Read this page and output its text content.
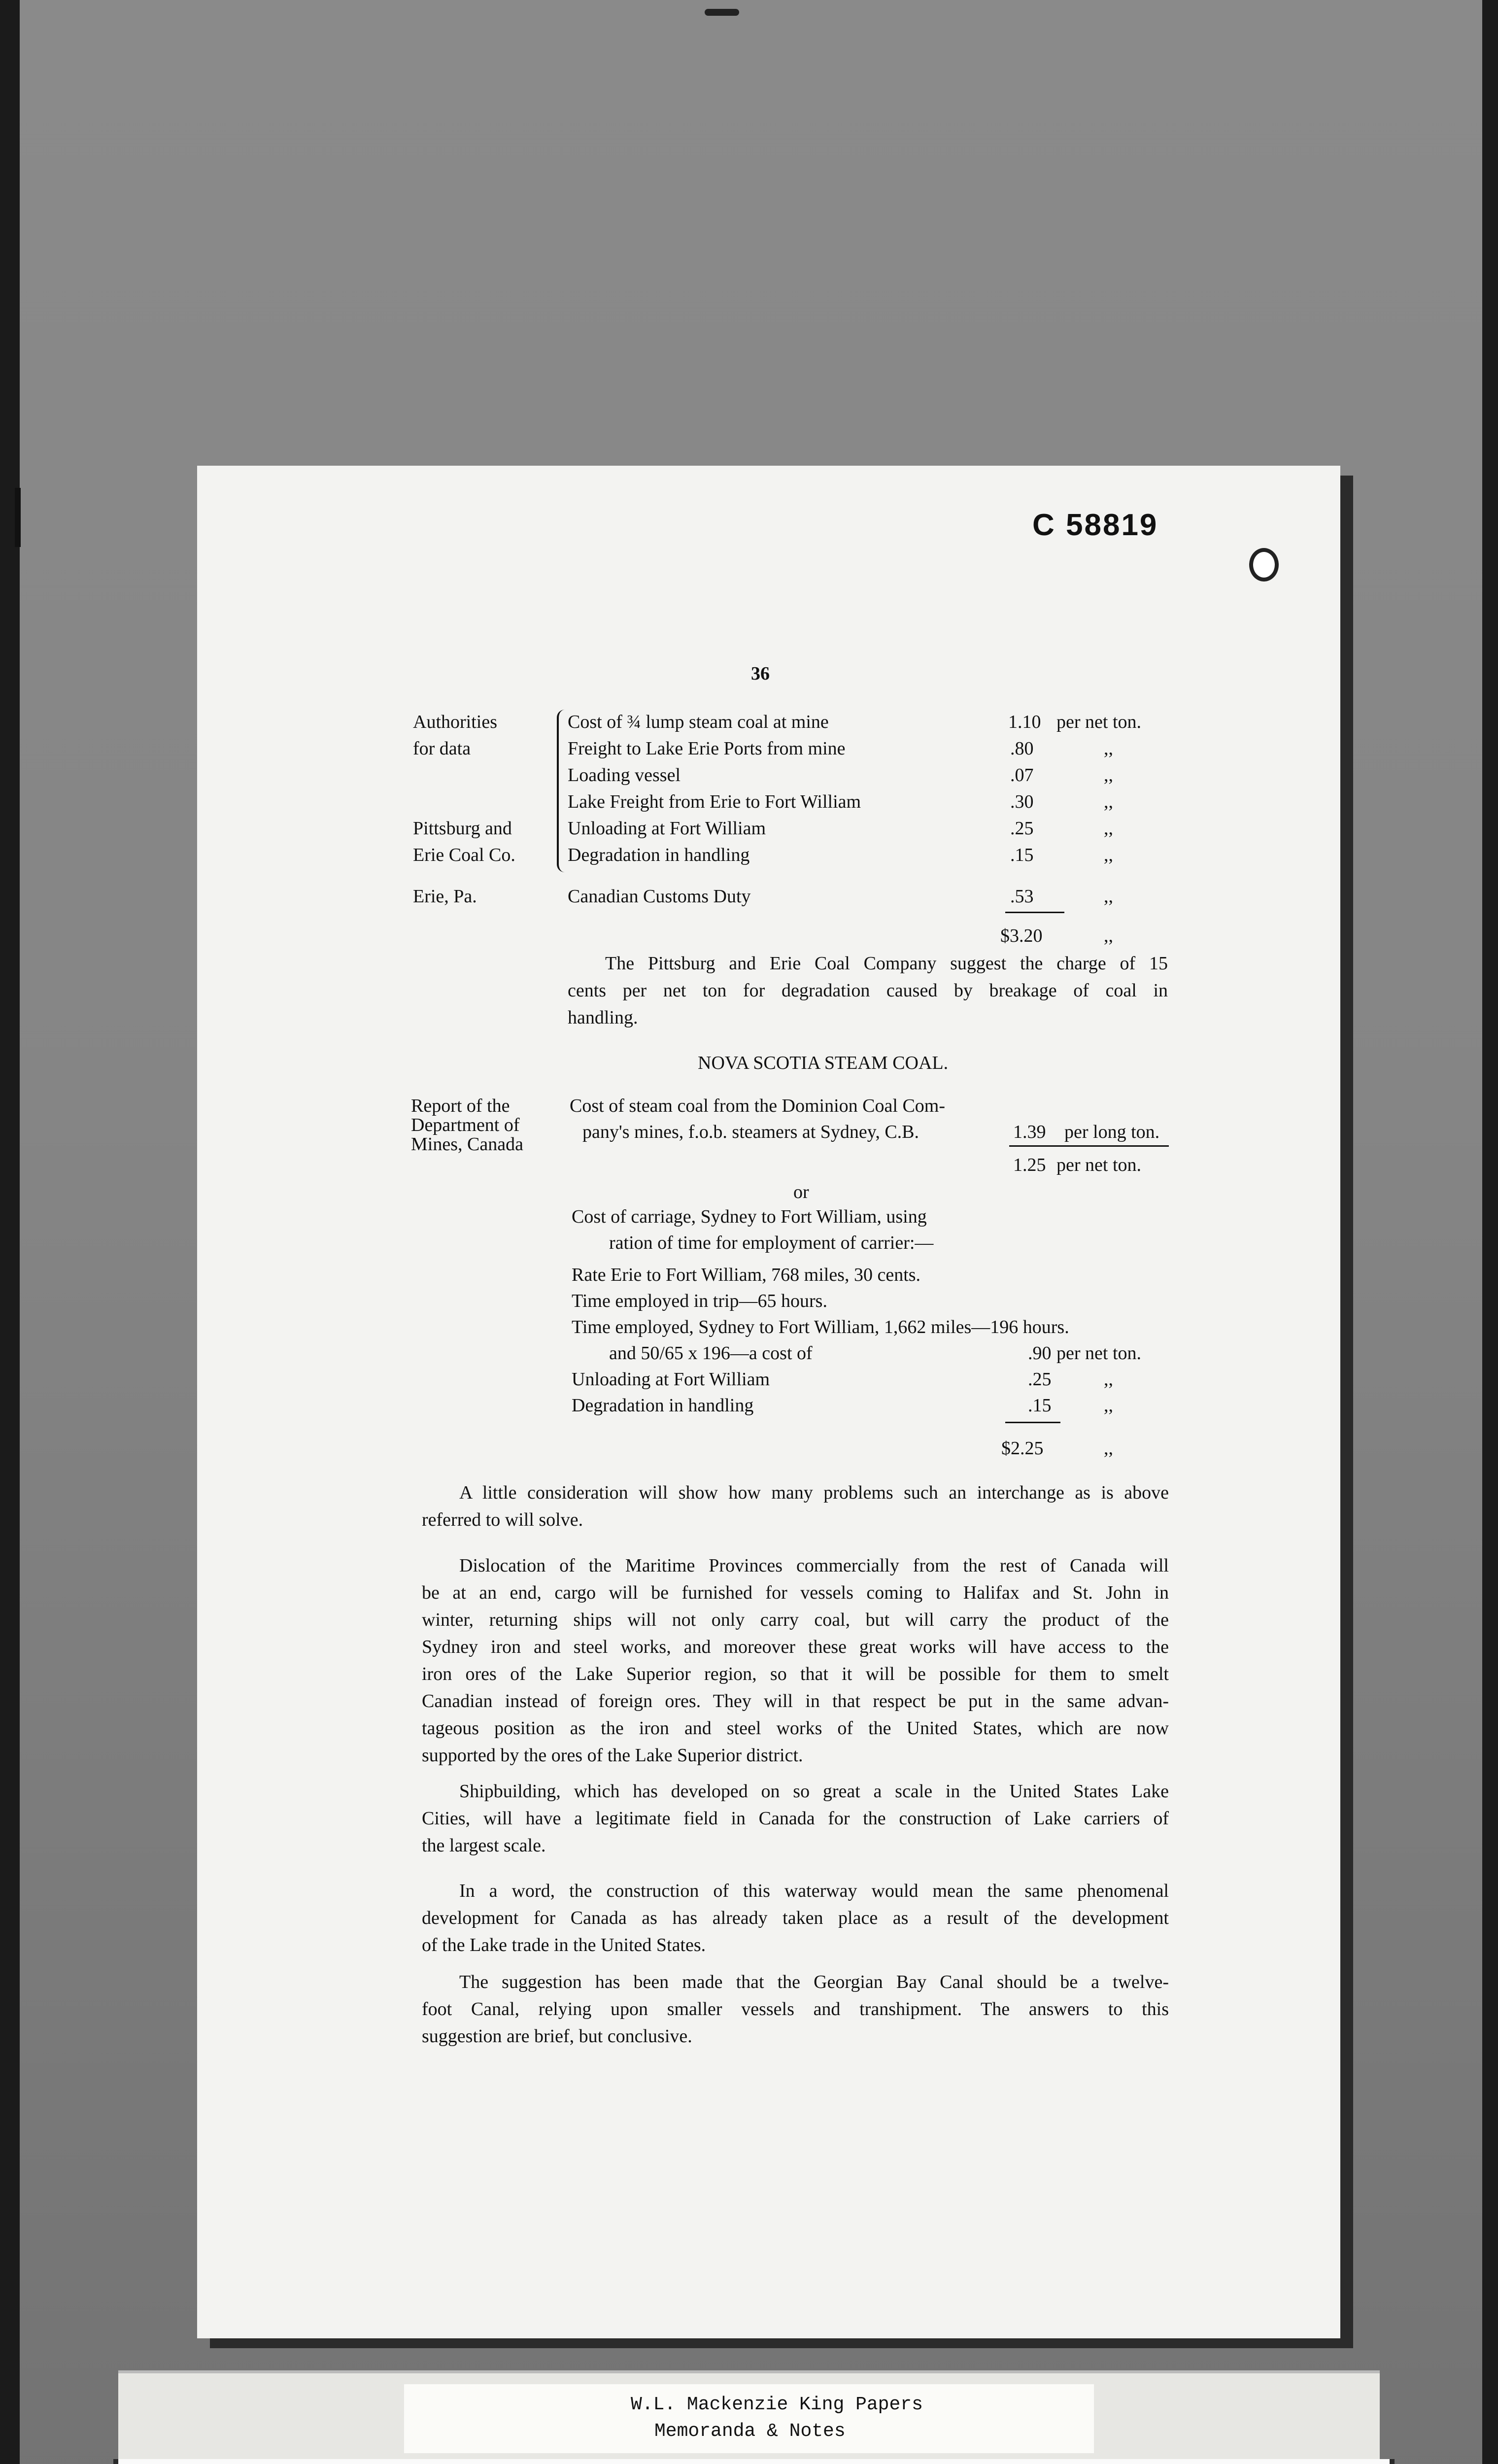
C 58819
36
Authorities	Cost of ¾ lump steam coal at mine	1.10 per net ton.
for data	Freight to Lake Erie Ports from mine	.80	,,
Loading vessel	.07	,,
Lake Freight from Erie to Fort William	.30	,,
Pittsburg and	Unloading at Fort William	.25	,,
Erie Coal Co.	Degradation in handling	.15	,,
Erie, Pa.	Canadian Customs Duty	.53	,,
$3.20	,,
The Pittsburg and Erie Coal Company suggest the charge of 15
cents per net ton for degradation caused by breakage of coal in
handling.
NOVA SCOTIA STEAM COAL.
Report of the
Department of
Mines, Canada
Cost of steam coal from the Dominion Coal Com-
pany's mines, f.o.b. steamers at Sydney, C.B.	1.39 per long ton.
1.25 per net ton.
or
Cost of carriage, Sydney to Fort William, using
ration of time for employment of carrier:—
Rate Erie to Fort William, 768 miles, 30 cents.
Time employed in trip—65 hours.
Time employed, Sydney to Fort William, 1,662 miles—196 hours.
and 50/65 x 196—a cost of	.90 per net ton.
Unloading at Fort William	.25	,,
Degradation in handling	.15	,,
$2.25	,,
A little consideration will show how many problems such an interchange as is above
referred to will solve.
Dislocation of the Maritime Provinces commercially from the rest of Canada will
be at an end, cargo will be furnished for vessels coming to Halifax and St. John in
winter, returning ships will not only carry coal, but will carry the product of the
Sydney iron and steel works, and moreover these great works will have access to the
iron ores of the Lake Superior region, so that it will be possible for them to smelt
Canadian instead of foreign ores. They will in that respect be put in the same advan-
tageous position as the iron and steel works of the United States, which are now
supported by the ores of the Lake Superior district.
Shipbuilding, which has developed on so great a scale in the United States Lake
Cities, will have a legitimate field in Canada for the construction of Lake carriers of
the largest scale.
In a word, the construction of this waterway would mean the same phenomenal
development for Canada as has already taken place as a result of the development
of the Lake trade in the United States.
The suggestion has been made that the Georgian Bay Canal should be a twelve-
foot Canal, relying upon smaller vessels and transhipment. The answers to this
suggestion are brief, but conclusive.
W.L. Mackenzie King Papers
Memoranda & Notes
